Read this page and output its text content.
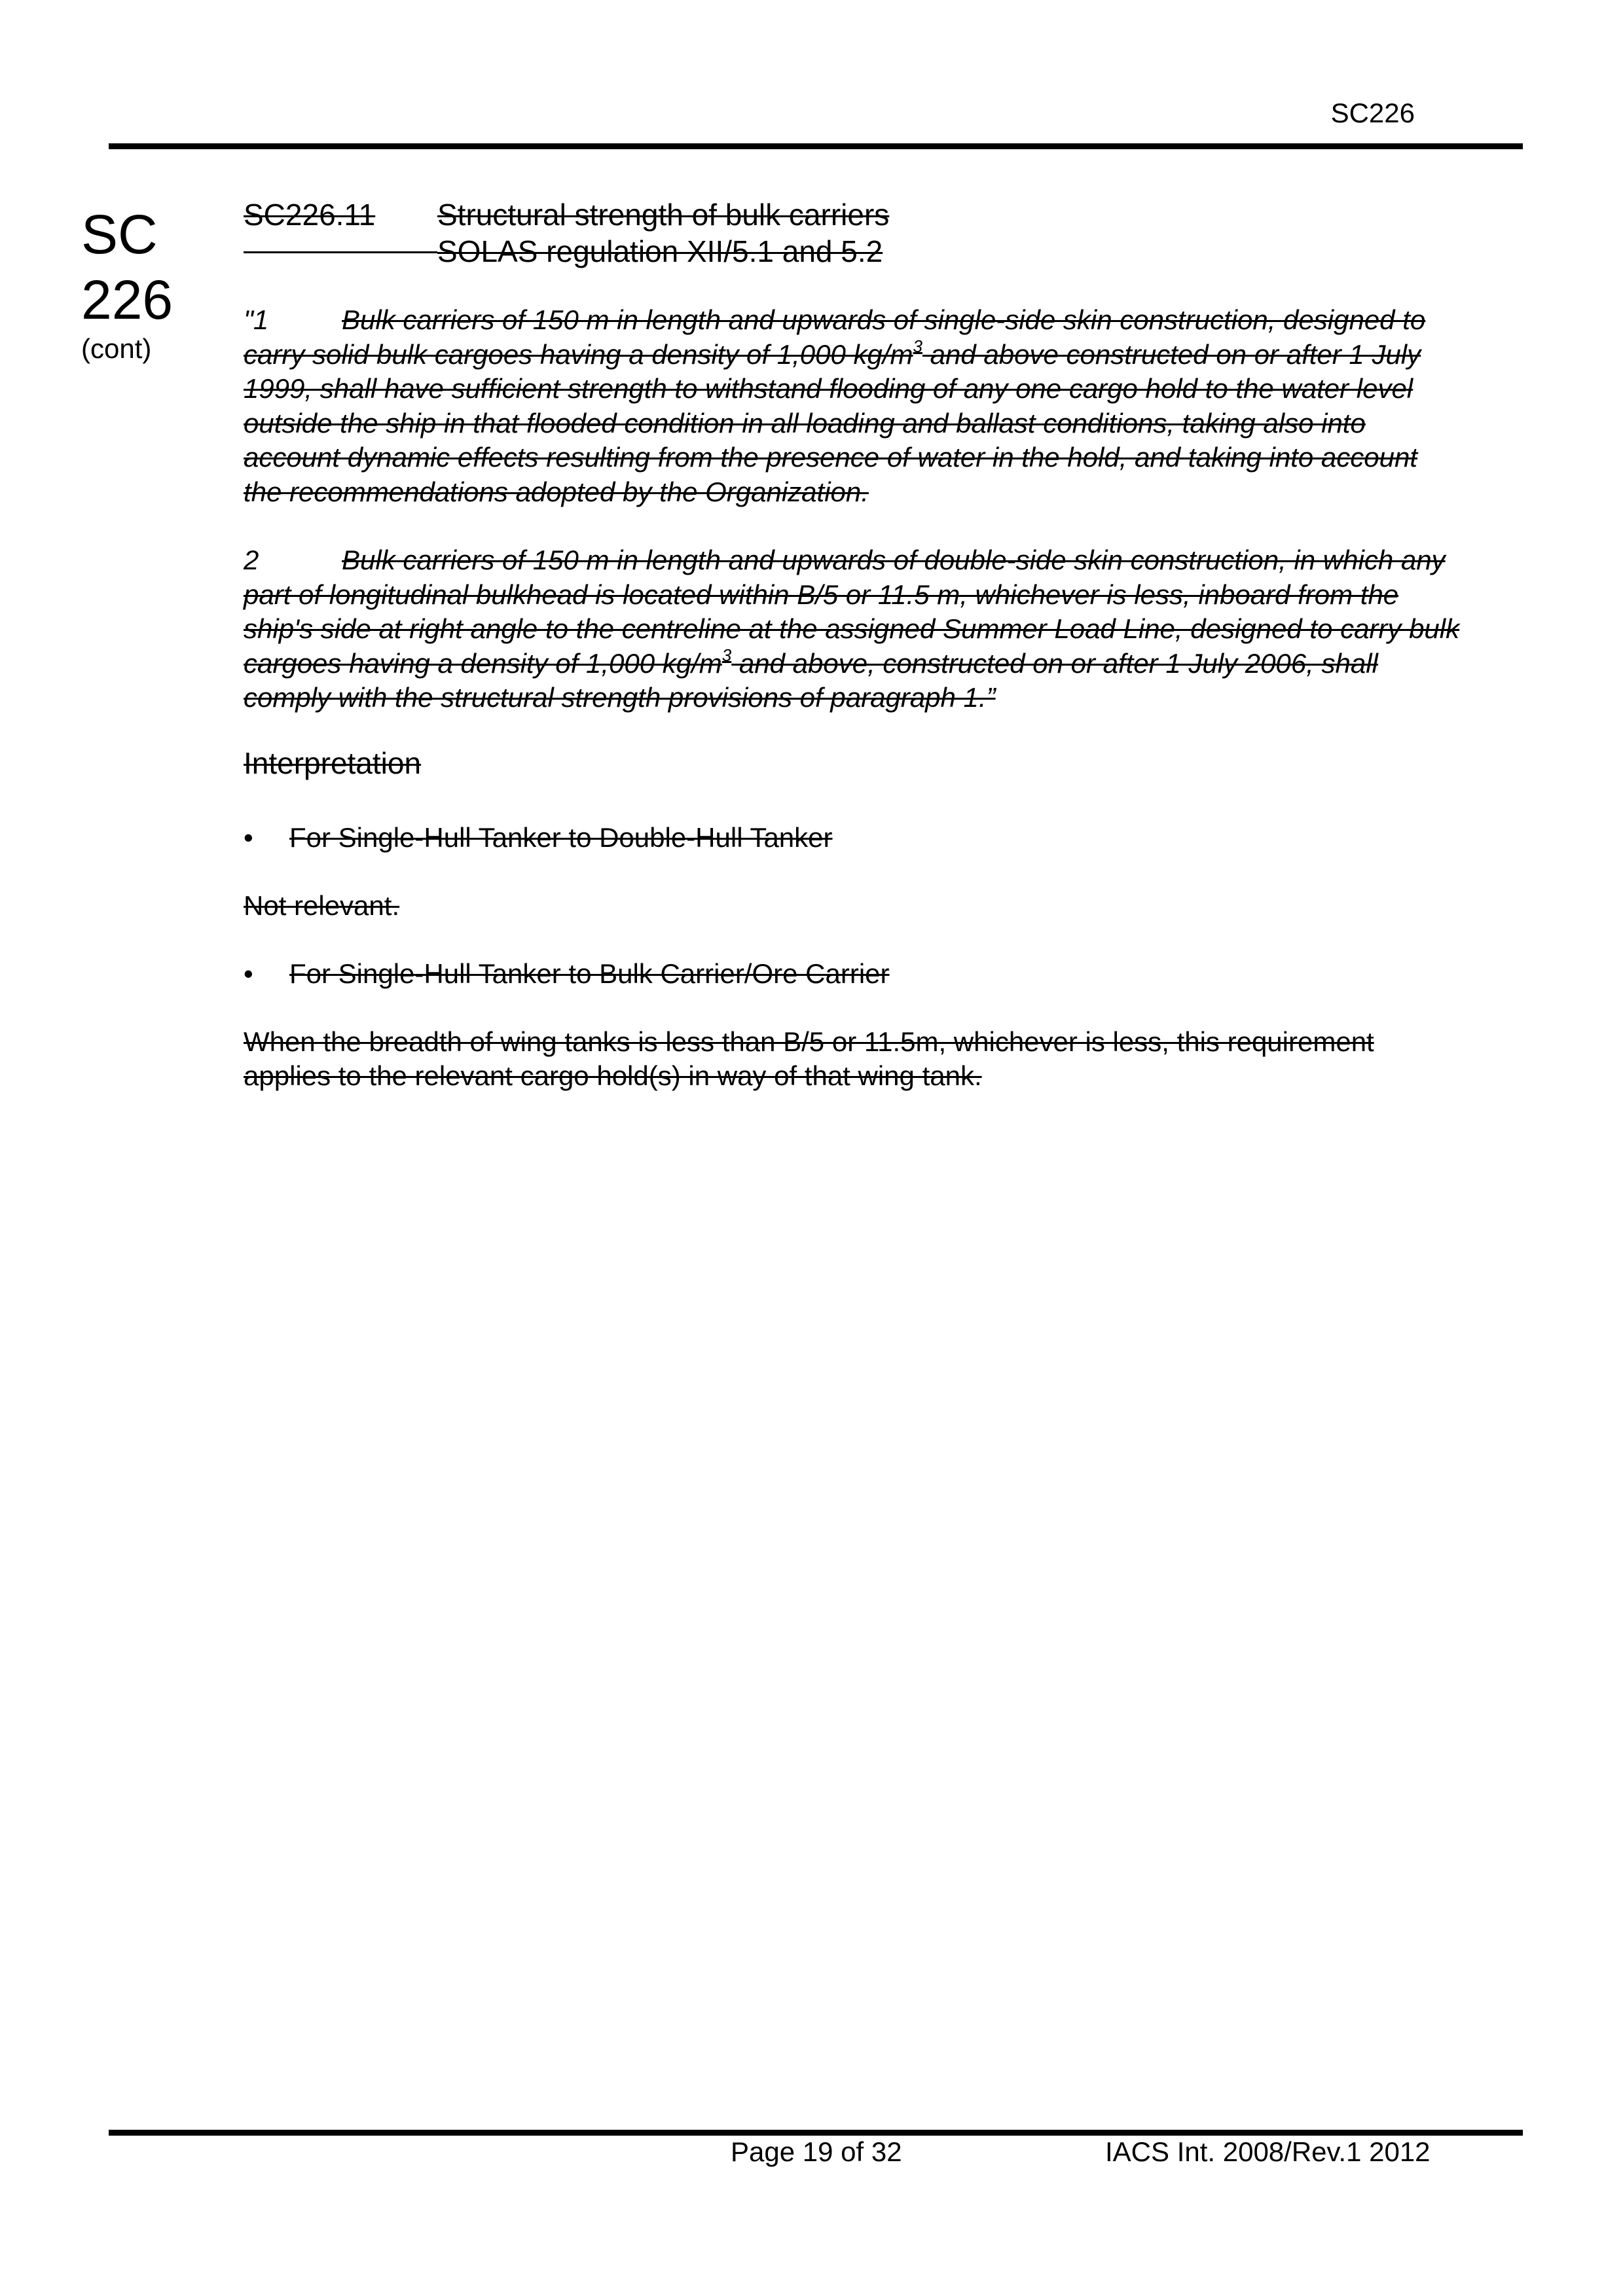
SC226
SC
226
(cont)
SC226.11 Structural strength of bulk carriers
SOLAS regulation XII/5.1 and 5.2
"1	Bulk carriers of 150 m in length and upwards of single-side skin construction, designed to carry solid bulk cargoes having a density of 1,000 $kg/m^3$ and above constructed on or after 1 July 1999, shall have sufficient strength to withstand flooding of any one cargo hold to the water level outside the ship in that flooded condition in all loading and ballast conditions, taking also into account dynamic effects resulting from the presence of water in the hold, and taking into account the recommendations adopted by the Organization.
2	Bulk carriers of 150 m in length and upwards of double-side skin construction, in which any part of longitudinal bulkhead is located within B/5 or 11.5 m, whichever is less, inboard from the ship's side at right angle to the centreline at the assigned Summer Load Line, designed to carry bulk cargoes having a density of 1,000 $kg/m^3$ and above, constructed on or after 1 July 2006, shall comply with the structural strength provisions of paragraph 1.”
Interpretation
• For Single-Hull Tanker to Double-Hull Tanker
Not relevant.
• For Single-Hull Tanker to Bulk Carrier/Ore Carrier
When the breadth of wing tanks is less than B/5 or 11.5m, whichever is less, this requirement applies to the relevant cargo hold(s) in way of that wing tank.
Page 19 of 32	IACS Int. 2008/Rev.1 2012
